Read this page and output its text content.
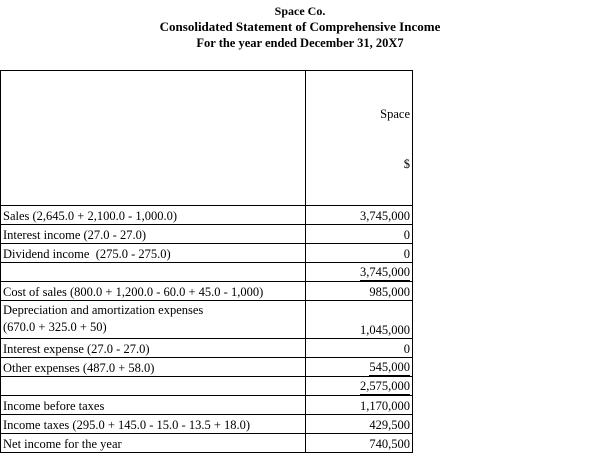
Space Co.
Consolidated Statement of Comprehensive Income
For the year ended December 31, 20X7

	Space

$

Sales (2,645.0 + 2,100.0 - 1,000.0)	3,745,000
Interest income (27.0 - 27.0)	0
Dividend income  (275.0 - 275.0)	0
	3,745,000
Cost of sales (800.0 + 1,200.0 - 60.0 + 45.0 - 1,000)	985,000

Depreciation and amortization expenses
(670.0 + 325.0 + 50)	1,045,000
Interest expense (27.0 - 27.0)	0
Other expenses (487.0 + 58.0)	545,000
	2,575,000
Income before taxes	1,170,000
Income taxes (295.0 + 145.0 - 15.0 - 13.5 + 18.0)	429,500
Net income for the year	740,500
